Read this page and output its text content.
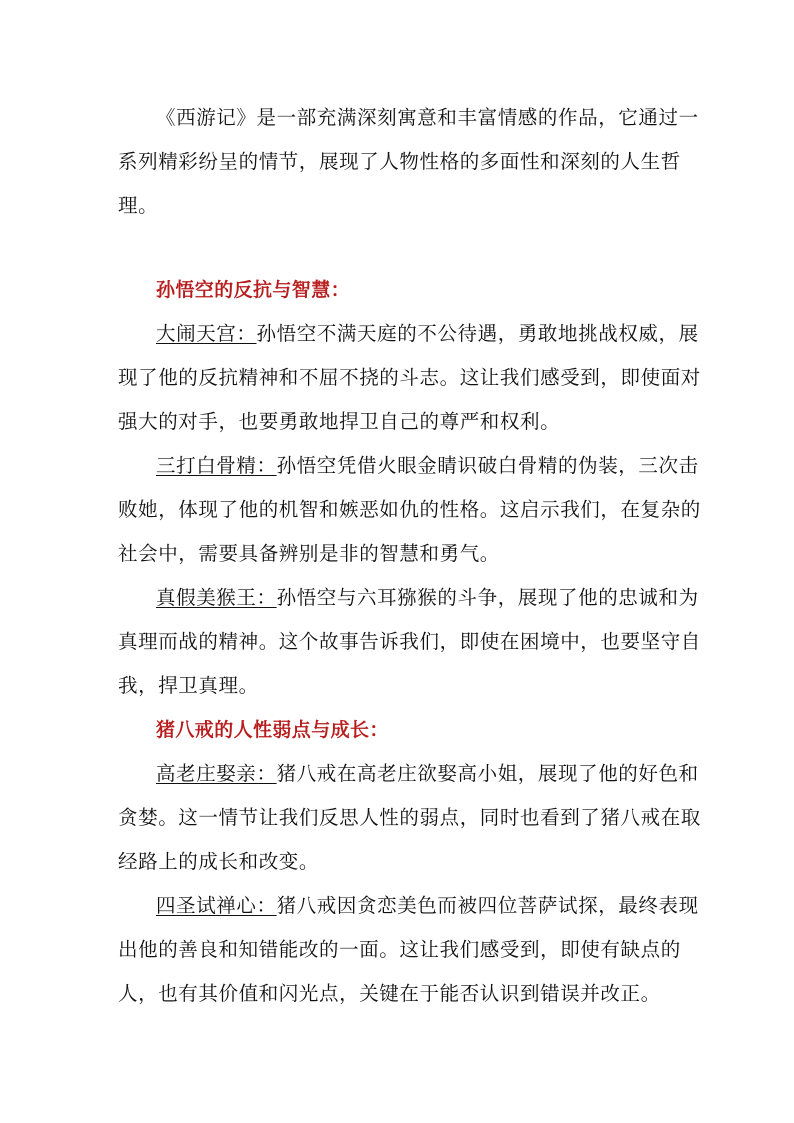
《西游记》是一部充满深刻寓意和丰富情感的作品，它通过一
系列精彩纷呈的情节，展现了人物性格的多面性和深刻的人生哲
理。
孙悟空的反抗与智慧：
大闹天宫：孙悟空不满天庭的不公待遇，勇敢地挑战权威，展
现了他的反抗精神和不屈不挠的斗志。这让我们感受到，即使面对
强大的对手，也要勇敢地捍卫自己的尊严和权利。
三打白骨精：孙悟空凭借火眼金睛识破白骨精的伪装，三次击
败她，体现了他的机智和嫉恶如仇的性格。这启示我们，在复杂的
社会中，需要具备辨别是非的智慧和勇气。
真假美猴王：孙悟空与六耳猕猴的斗争，展现了他的忠诚和为
真理而战的精神。这个故事告诉我们，即使在困境中，也要坚守自
我，捍卫真理。
猪八戒的人性弱点与成长：
高老庄娶亲：猪八戒在高老庄欲娶高小姐，展现了他的好色和
贪婪。这一情节让我们反思人性的弱点，同时也看到了猪八戒在取
经路上的成长和改变。
四圣试禅心：猪八戒因贪恋美色而被四位菩萨试探，最终表现
出他的善良和知错能改的一面。这让我们感受到，即使有缺点的
人，也有其价值和闪光点，关键在于能否认识到错误并改正。
